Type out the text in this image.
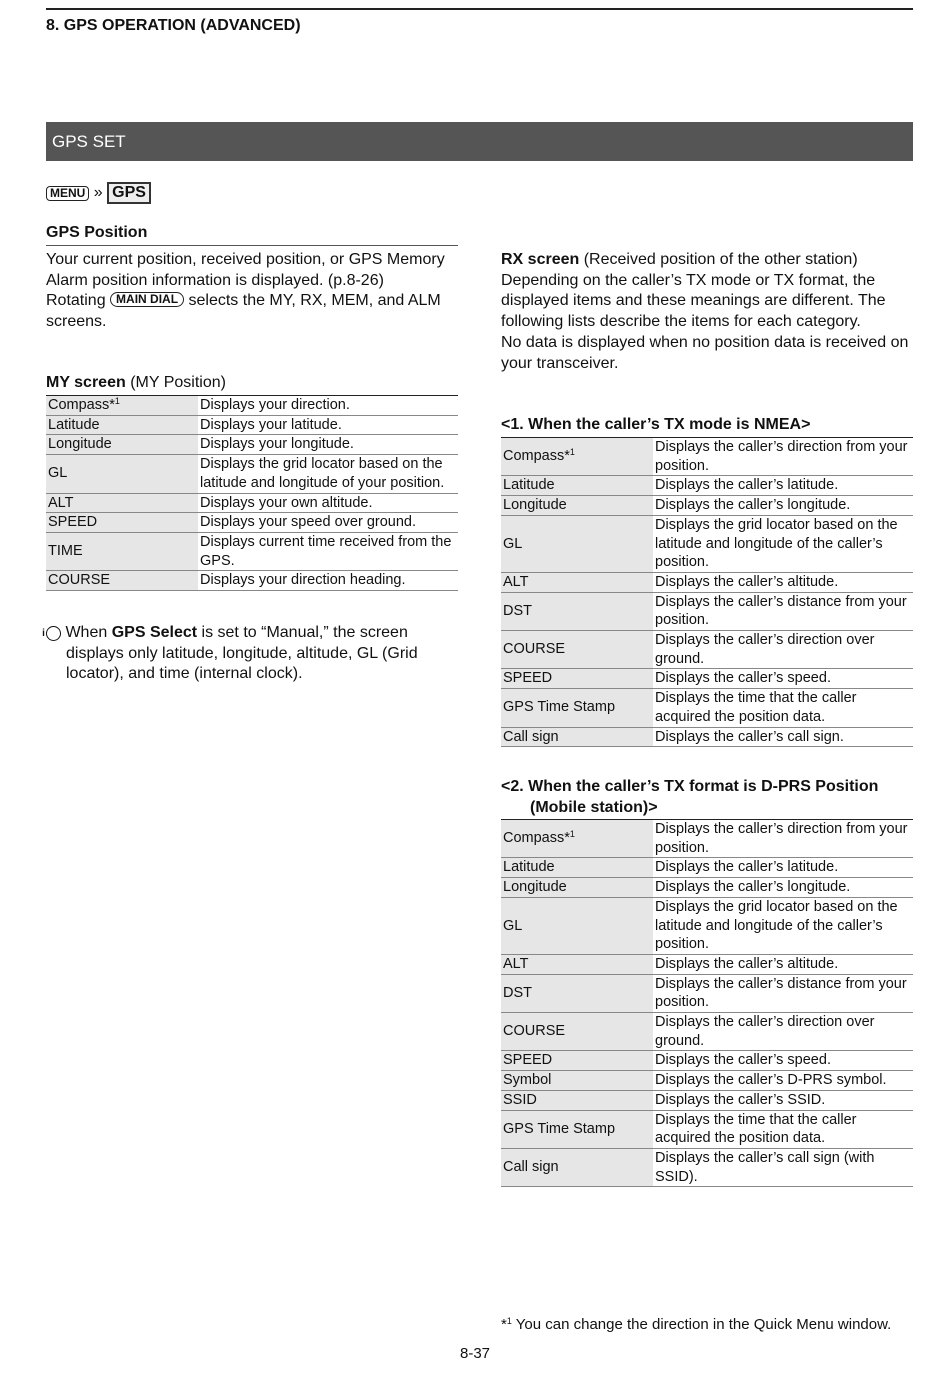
8. GPS OPERATION (ADVANCED)
GPS SET
MENU » GPS
GPS Position
Your current position, received position, or GPS Memory Alarm position information is displayed. (p.8-26)
Rotating MAIN DIAL selects the MY, RX, MEM, and ALM screens.
MY screen (MY Position)
Compass*$^1$	Displays your direction.
Latitude	Displays your latitude.
Longitude	Displays your longitude.
GL	Displays the grid locator based on the latitude and longitude of your position.
ALT	Displays your own altitude.
SPEED	Displays your speed over ground.
TIME	Displays current time received from the GPS.
COURSE	Displays your direction heading.
i When GPS Select is set to “Manual,” the screen displays only latitude, longitude, altitude, GL (Grid locator), and time (internal clock).
RX screen (Received position of the other station)
Depending on the caller’s TX mode or TX format, the displayed items and these meanings are different. The following lists describe the items for each category.
No data is displayed when no position data is received on your transceiver.
<1. When the caller’s TX mode is NMEA>
Compass*$^1$	Displays the caller’s direction from your position.
Latitude	Displays the caller’s latitude.
Longitude	Displays the caller’s longitude.
GL	Displays the grid locator based on the latitude and longitude of the caller’s position.
ALT	Displays the caller’s altitude.
DST	Displays the caller’s distance from your position.
COURSE	Displays the caller’s direction over ground.
SPEED	Displays the caller’s speed.
GPS Time Stamp	Displays the time that the caller acquired the position data.
Call sign	Displays the caller’s call sign.
<2. When the caller’s TX format is D-PRS Position
(Mobile station)>
Compass*$^1$	Displays the caller’s direction from your position.
Latitude	Displays the caller’s latitude.
Longitude	Displays the caller’s longitude.
GL	Displays the grid locator based on the latitude and longitude of the caller’s position.
ALT	Displays the caller’s altitude.
DST	Displays the caller’s distance from your position.
COURSE	Displays the caller’s direction over ground.
SPEED	Displays the caller’s speed.
Symbol	Displays the caller’s D-PRS symbol.
SSID	Displays the caller’s SSID.
GPS Time Stamp	Displays the time that the caller acquired the position data.
Call sign	Displays the caller’s call sign (with SSID).
*$^1$ You can change the direction in the Quick Menu window.
8-37
